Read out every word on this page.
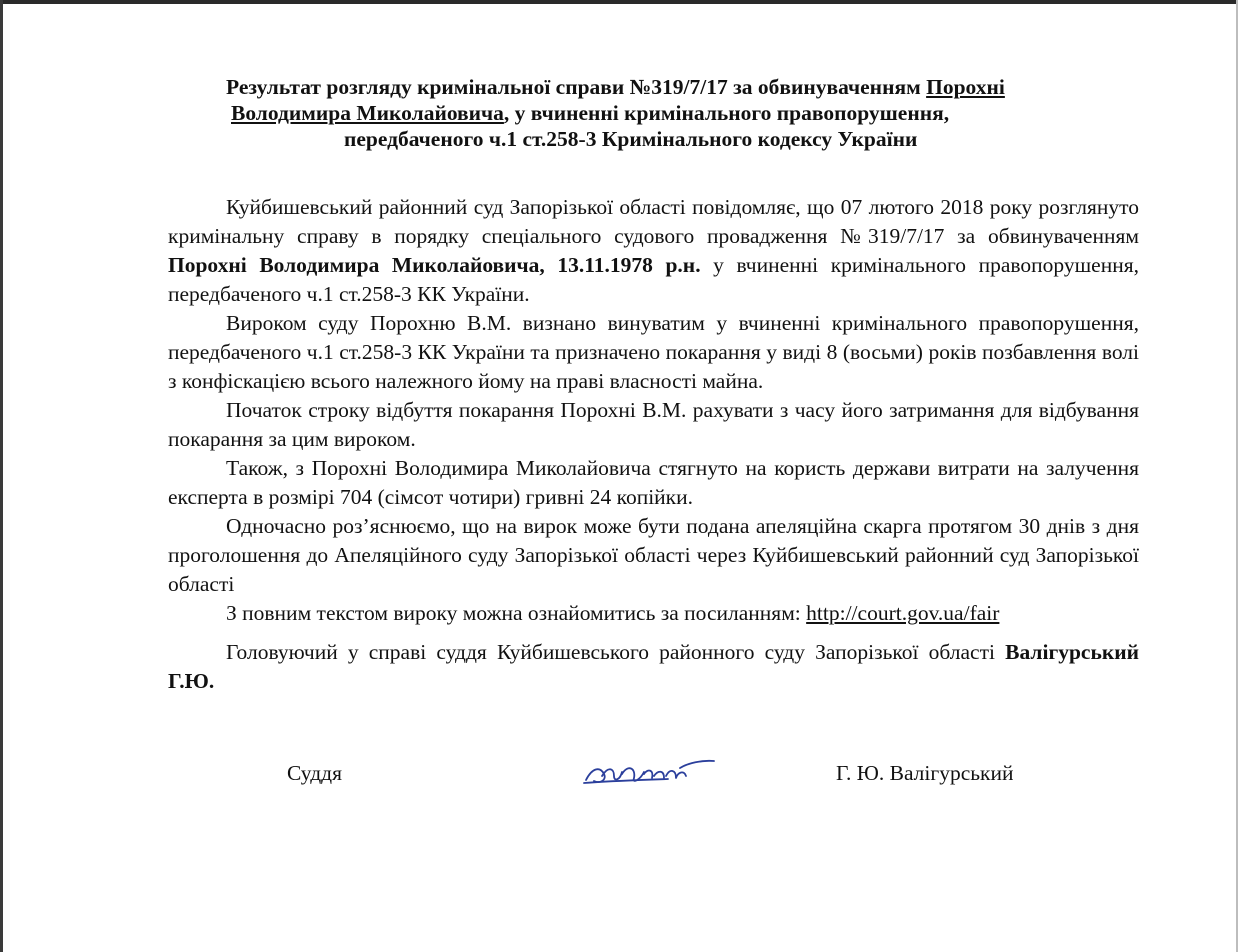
Результат розгляду кримінальної справи №319/7/17 за обвинуваченням Порохні
Володимира Миколайовича, у вчиненні кримінального правопорушення,
передбаченого ч.1 ст.258-3 Кримінального кодексу України

Куйбишевський районний суд Запорізької області повідомляє, що 07 лютого 2018 року розглянуто кримінальну справу в порядку спеціального судового провадження №319/7/17 за обвинуваченням Порохні Володимира Миколайовича, 13.11.1978 р.н. у вчиненні кримінального правопорушення, передбаченого ч.1 ст.258-3 КК України.

Вироком суду Порохню В.М. визнано винуватим у вчиненні кримінального правопорушення, передбаченого ч.1 ст.258-3 КК України та призначено покарання у виді 8 (восьми) років позбавлення волі з конфіскацією всього належного йому на праві власності майна.

Початок строку відбуття покарання Порохні В.М. рахувати з часу його затримання для відбування покарання за цим вироком.

Також, з Порохні Володимира Миколайовича стягнуто на користь держави витрати на залучення експерта в розмірі 704 (сімсот чотири) гривні 24 копійки.

Одночасно роз’яснюємо, що на вирок може бути подана апеляційна скарга протягом 30 днів з дня проголошення до Апеляційного суду Запорізької області через Куйбишевський районний суд Запорізької області

З повним текстом вироку можна ознайомитись за посиланням: http://court.gov.ua/fair

Головуючий у справі суддя Куйбишевського районного суду Запорізької області Валігурський Г.Ю.

Суддя	Г. Ю. Валігурський
